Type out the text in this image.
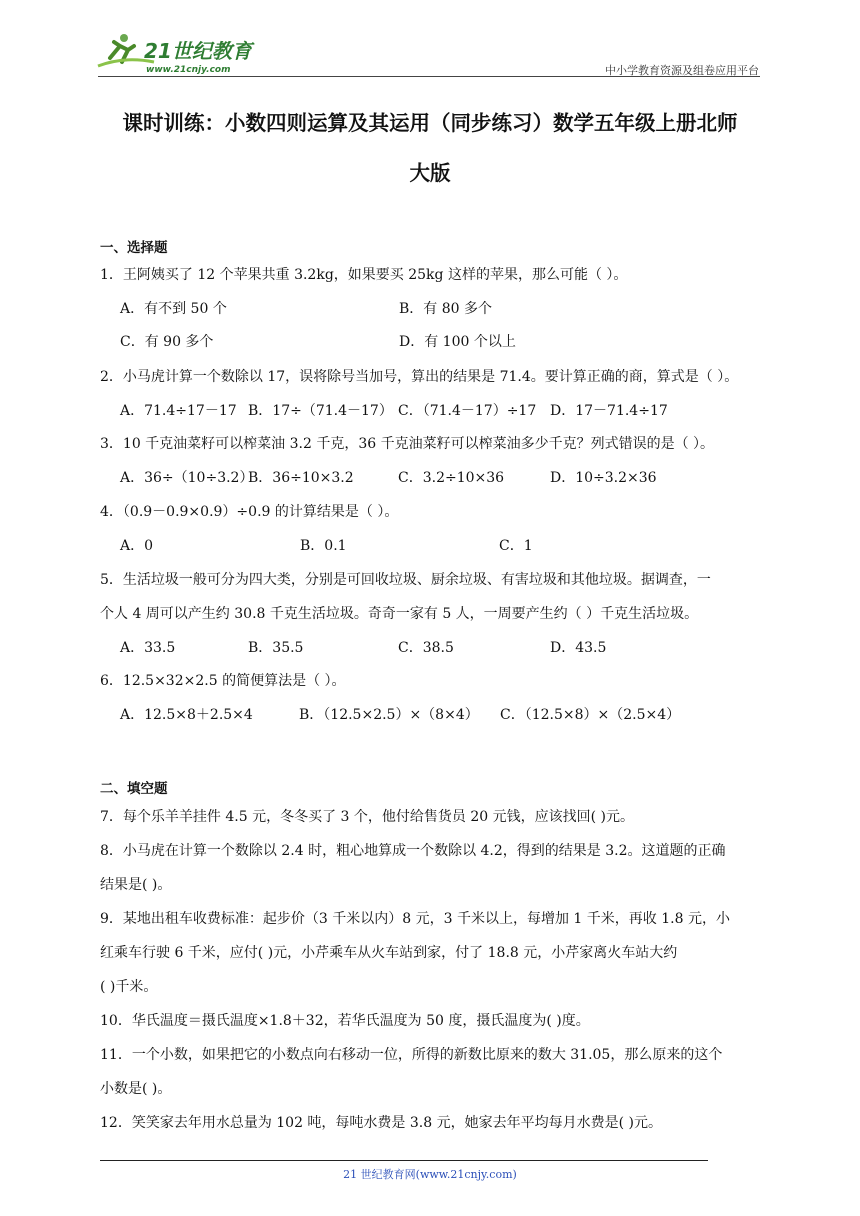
21世纪教育
www.21cnjy.com	中小学教育资源及组卷应用平台
课时训练：小数四则运算及其运用（同步练习）数学五年级上册北师
大版
一、选择题
1．王阿姨买了 12 个苹果共重 3.2kg，如果要买 25kg 这样的苹果，那么可能（ ）。
A．有不到 50 个	B．有 80 多个
C．有 90 多个	D．有 100 个以上
2．小马虎计算一个数除以 17，误将除号当加号，算出的结果是 71.4。要计算正确的商，算式是（ ）。
A．71.4÷17－17 B．17÷（71.4－17） C．（71.4－17）÷17 D．17－71.4÷17
3．10 千克油菜籽可以榨菜油 3.2 千克，36 千克油菜籽可以榨菜油多少千克？列式错误的是（ ）。
A．36÷（10÷3.2）
B．36÷10×3.2	C．3.2÷10×36	D．10÷3.2×36
4．（0.9－0.9×0.9）÷0.9 的计算结果是（ ）。
A．0	B．0.1	C．1
5．生活垃圾一般可分为四大类，分别是可回收垃圾、厨余垃圾、有害垃圾和其他垃圾。据调查，一
个人 4 周可以产生约 30.8 千克生活垃圾。奇奇一家有 5 人，一周要产生约（ ）千克生活垃圾。
A．33.5	B．35.5	C．38.5	D．43.5
6．12.5×32×2.5 的简便算法是（ ）。
A．12.5×8＋2.5×4	B．（12.5×2.5）×（8×4） C．（12.5×8）×（2.5×4）
二、填空题
7．每个乐羊羊挂件 4.5 元，冬冬买了 3 个，他付给售货员 20 元钱，应该找回( )元。
8．小马虎在计算一个数除以 2.4 时，粗心地算成一个数除以 4.2，得到的结果是 3.2。这道题的正确
结果是( )。
9．某地出租车收费标准：起步价（3 千米以内）8 元，3 千米以上，每增加 1 千米，再收 1.8 元，小
红乘车行驶 6 千米，应付( )元，小芹乘车从火车站到家，付了 18.8 元，小芹家离火车站大约
( )千米。
10．华氏温度＝摄氏温度×1.8＋32，若华氏温度为 50 度，摄氏温度为( )度。
11．一个小数，如果把它的小数点向右移动一位，所得的新数比原来的数大 31.05，那么原来的这个
小数是( )。
12．笑笑家去年用水总量为 102 吨，每吨水费是 3.8 元，她家去年平均每月水费是( )元。
21 世纪教育网(www.21cnjy.com)
